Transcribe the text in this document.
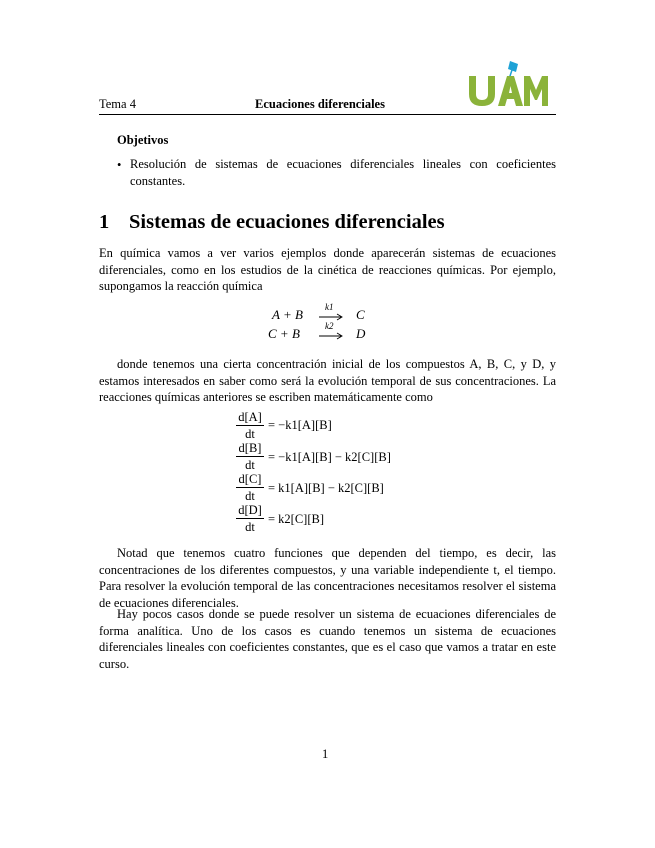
Tema 4	Ecuaciones diferenciales
Objetivos
• Resolución de sistemas de ecuaciones diferenciales lineales con coeficientes constantes.
1 Sistemas de ecuaciones diferenciales
En química vamos a ver varios ejemplos donde aparecerán sistemas de ecuaciones diferenciales, como en los estudios de la cinética de reacciones químicas. Por ejemplo, supongamos la reacción química
A + B k1 → C
C + B	k2 → D
donde tenemos una cierta concentración inicial de los compuestos A, B, C, y D, y estamos interesados en saber como será la evolución temporal de sus concentraciones. La reacciones químicas anteriores se escriben matemáticamente como
d[A]
dt
= −k1[A][B]
d[B]
dt
= −k1[A][B] − k2[C][B]
d[C]
dt
= k1[A][B] − k2[C][B]
d[D]
dt
= k2[C][B]
Notad que tenemos cuatro funciones que dependen del tiempo, es decir, las concentraciones de los diferentes compuestos, y una variable independiente t, el tiempo. Para resolver la evolución temporal de las concentraciones necesitamos resolver el sistema de ecuaciones diferenciales.
Hay pocos casos donde se puede resolver un sistema de ecuaciones diferenciales de forma analítica. Uno de los casos es cuando tenemos un sistema de ecuaciones diferenciales lineales con coeficientes constantes, que es el caso que vamos a tratar en este curso.
1
